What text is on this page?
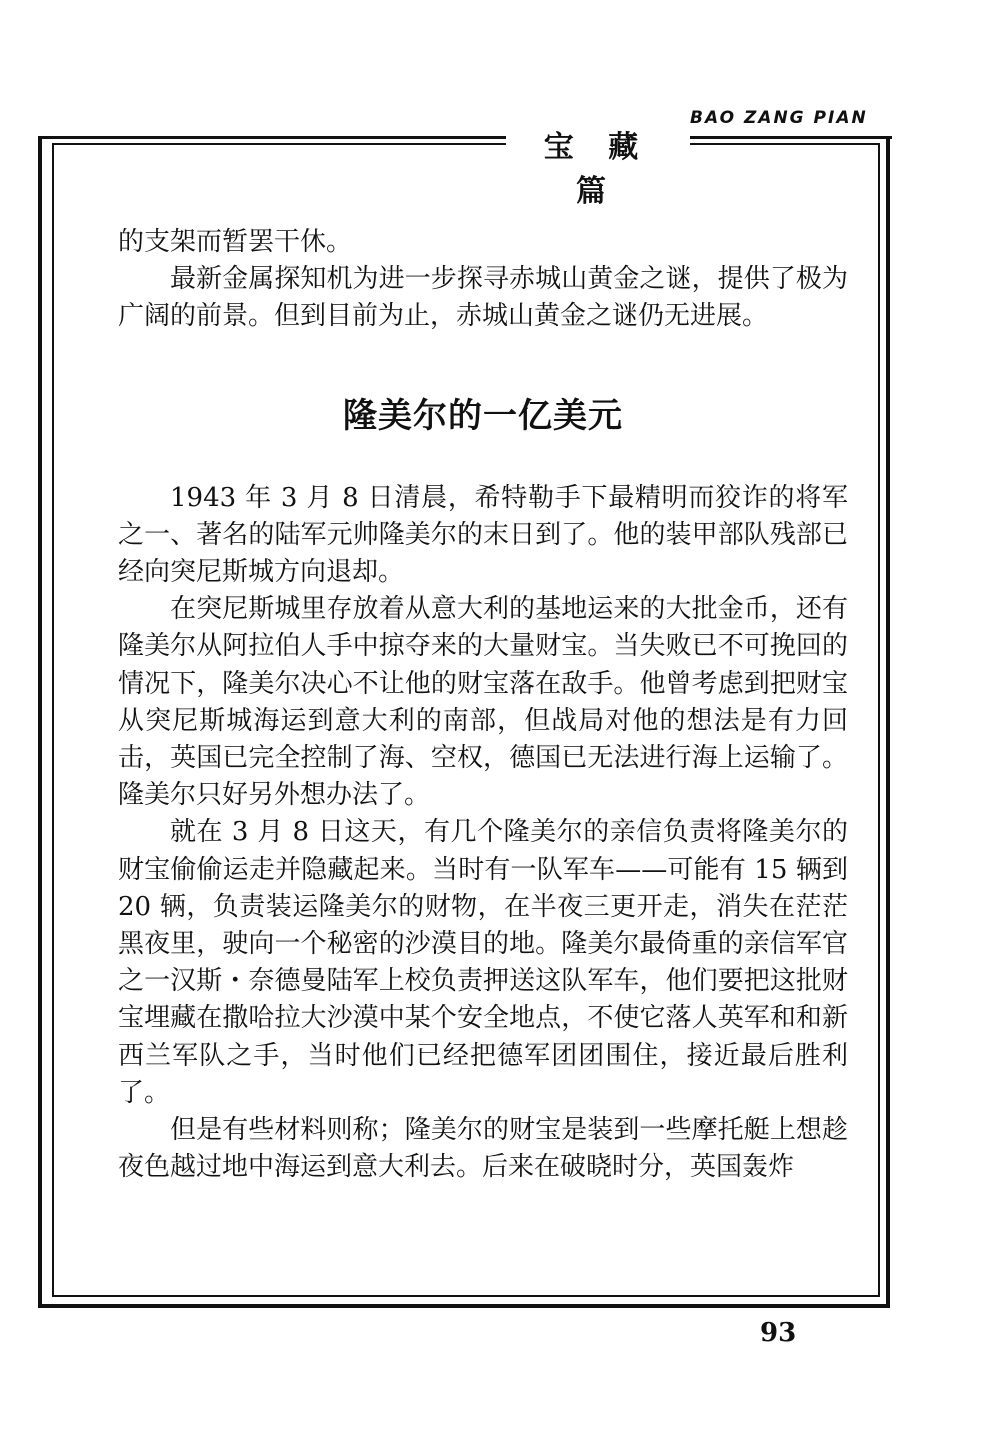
BAO ZANG PIAN
宝 藏 篇

的支架而暂罢干休。

最新金属探知机为进一步探寻赤城山黄金之谜，提供了极为广阔的前景。但到目前为止，赤城山黄金之谜仍无进展。

隆美尔的一亿美元

1943 年 3 月 8 日清晨，希特勒手下最精明而狡诈的将军之一、著名的陆军元帅隆美尔的末日到了。他的装甲部队残部已经向突尼斯城方向退却。

在突尼斯城里存放着从意大利的基地运来的大批金币，还有隆美尔从阿拉伯人手中掠夺来的大量财宝。当失败已不可挽回的情况下，隆美尔决心不让他的财宝落在敌手。他曾考虑到把财宝从突尼斯城海运到意大利的南部，但战局对他的想法是有力回击，英国已完全控制了海、空权，德国已无法进行海上运输了。隆美尔只好另外想办法了。

就在 3 月 8 日这天，有几个隆美尔的亲信负责将隆美尔的财宝偷偷运走并隐藏起来。当时有一队军车——可能有 15 辆到 20 辆，负责装运隆美尔的财物，在半夜三更开走，消失在茫茫黑夜里，驶向一个秘密的沙漠目的地。隆美尔最倚重的亲信军官之一汉斯・奈德曼陆军上校负责押送这队军车，他们要把这批财宝埋藏在撒哈拉大沙漠中某个安全地点，不使它落人英军和和新西兰军队之手，当时他们已经把德军团团围住，接近最后胜利了。

但是有些材料则称；隆美尔的财宝是装到一些摩托艇上想趁夜色越过地中海运到意大利去。后来在破晓时分，英国轰炸

93
